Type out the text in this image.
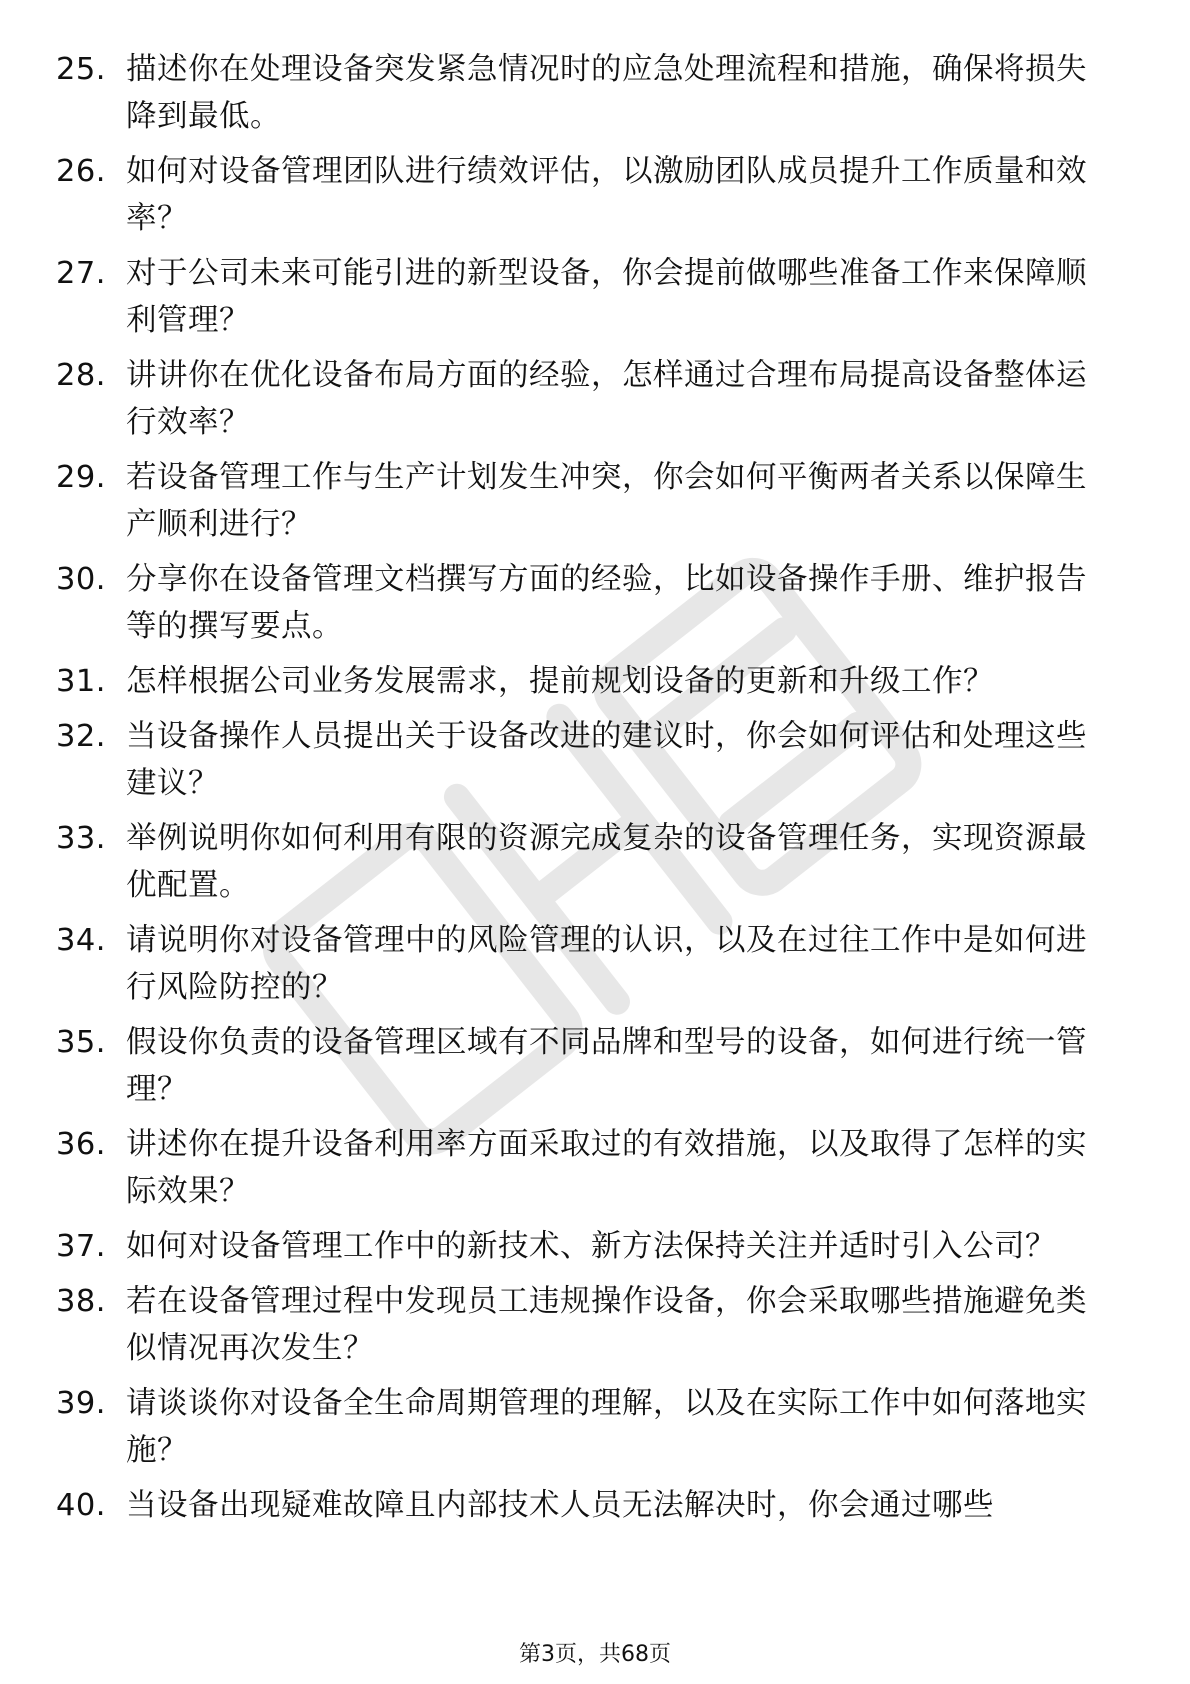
25. 描述你在处理设备突发紧急情况时的应急处理流程和措施，确保将损失降到最低。
26. 如何对设备管理团队进行绩效评估，以激励团队成员提升工作质量和效率？
27. 对于公司未来可能引进的新型设备，你会提前做哪些准备工作来保障顺利管理？
28. 讲讲你在优化设备布局方面的经验，怎样通过合理布局提高设备整体运行效率？
29. 若设备管理工作与生产计划发生冲突，你会如何平衡两者关系以保障生产顺利进行？
30. 分享你在设备管理文档撰写方面的经验，比如设备操作手册、维护报告等的撰写要点。
31. 怎样根据公司业务发展需求，提前规划设备的更新和升级工作？
32. 当设备操作人员提出关于设备改进的建议时，你会如何评估和处理这些建议？
33. 举例说明你如何利用有限的资源完成复杂的设备管理任务，实现资源最优配置。
34. 请说明你对设备管理中的风险管理的认识，以及在过往工作中是如何进行风险防控的？
35. 假设你负责的设备管理区域有不同品牌和型号的设备，如何进行统一管理？
36. 讲述你在提升设备利用率方面采取过的有效措施，以及取得了怎样的实际效果？
37. 如何对设备管理工作中的新技术、新方法保持关注并适时引入公司？
38. 若在设备管理过程中发现员工违规操作设备，你会采取哪些措施避免类似情况再次发生？
39. 请谈谈你对设备全生命周期管理的理解，以及在实际工作中如何落地实施？
40. 当设备出现疑难故障且内部技术人员无法解决时，你会通过哪些
第3页，共68页
